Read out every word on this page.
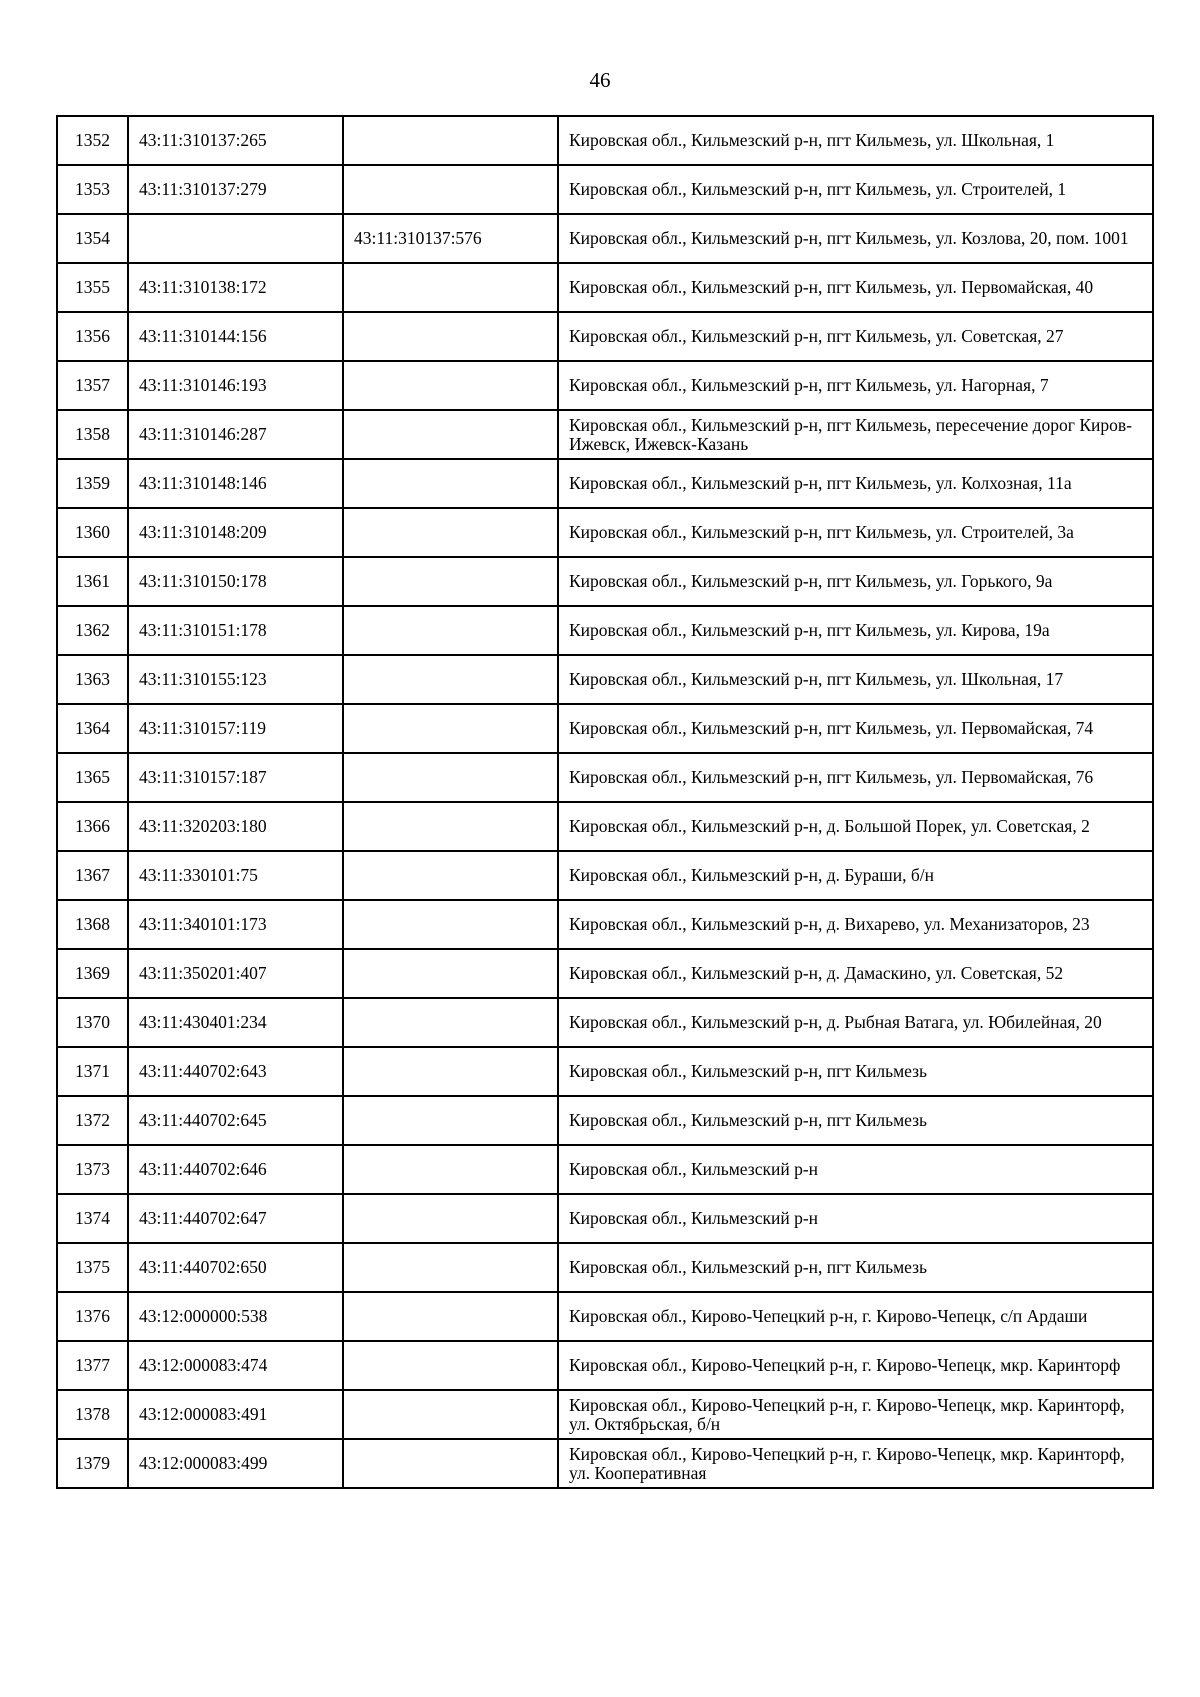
46
1352	43:11:310137:265		Кировская обл., Кильмезский р-н, пгт Кильмезь, ул. Школьная, 1
1353	43:11:310137:279		Кировская обл., Кильмезский р-н, пгт Кильмезь, ул. Строителей, 1
1354		43:11:310137:576	Кировская обл., Кильмезский р-н, пгт Кильмезь, ул. Козлова, 20, пом. 1001
1355	43:11:310138:172		Кировская обл., Кильмезский р-н, пгт Кильмезь, ул. Первомайская, 40
1356	43:11:310144:156		Кировская обл., Кильмезский р-н, пгт Кильмезь, ул. Советская, 27
1357	43:11:310146:193		Кировская обл., Кильмезский р-н, пгт Кильмезь, ул. Нагорная, 7
1358	43:11:310146:287		Кировская обл., Кильмезский р-н, пгт Кильмезь, пересечение дорог Киров-Ижевск, Ижевск-Казань
1359	43:11:310148:146		Кировская обл., Кильмезский р-н, пгт Кильмезь, ул. Колхозная, 11а
1360	43:11:310148:209		Кировская обл., Кильмезский р-н, пгт Кильмезь, ул. Строителей, 3а
1361	43:11:310150:178		Кировская обл., Кильмезский р-н, пгт Кильмезь, ул. Горького, 9а
1362	43:11:310151:178		Кировская обл., Кильмезский р-н, пгт Кильмезь, ул. Кирова, 19а
1363	43:11:310155:123		Кировская обл., Кильмезский р-н, пгт Кильмезь, ул. Школьная, 17
1364	43:11:310157:119		Кировская обл., Кильмезский р-н, пгт Кильмезь, ул. Первомайская, 74
1365	43:11:310157:187		Кировская обл., Кильмезский р-н, пгт Кильмезь, ул. Первомайская, 76
1366	43:11:320203:180		Кировская обл., Кильмезский р-н, д. Большой Порек, ул. Советская, 2
1367	43:11:330101:75		Кировская обл., Кильмезский р-н, д. Бураши, б/н
1368	43:11:340101:173		Кировская обл., Кильмезский р-н, д. Вихарево, ул. Механизаторов, 23
1369	43:11:350201:407		Кировская обл., Кильмезский р-н, д. Дамаскино, ул. Советская, 52
1370	43:11:430401:234		Кировская обл., Кильмезский р-н, д. Рыбная Ватага, ул. Юбилейная, 20
1371	43:11:440702:643		Кировская обл., Кильмезский р-н, пгт Кильмезь
1372	43:11:440702:645		Кировская обл., Кильмезский р-н, пгт Кильмезь
1373	43:11:440702:646		Кировская обл., Кильмезский р-н
1374	43:11:440702:647		Кировская обл., Кильмезский р-н
1375	43:11:440702:650		Кировская обл., Кильмезский р-н, пгт Кильмезь
1376	43:12:000000:538		Кировская обл., Кирово-Чепецкий р-н, г. Кирово-Чепецк, с/п Ардаши
1377	43:12:000083:474		Кировская обл., Кирово-Чепецкий р-н, г. Кирово-Чепецк, мкр. Каринторф
1378	43:12:000083:491		Кировская обл., Кирово-Чепецкий р-н, г. Кирово-Чепецк, мкр. Каринторф, ул. Октябрьская, б/н
1379	43:12:000083:499		Кировская обл., Кирово-Чепецкий р-н, г. Кирово-Чепецк, мкр. Каринторф, ул. Кооперативная
